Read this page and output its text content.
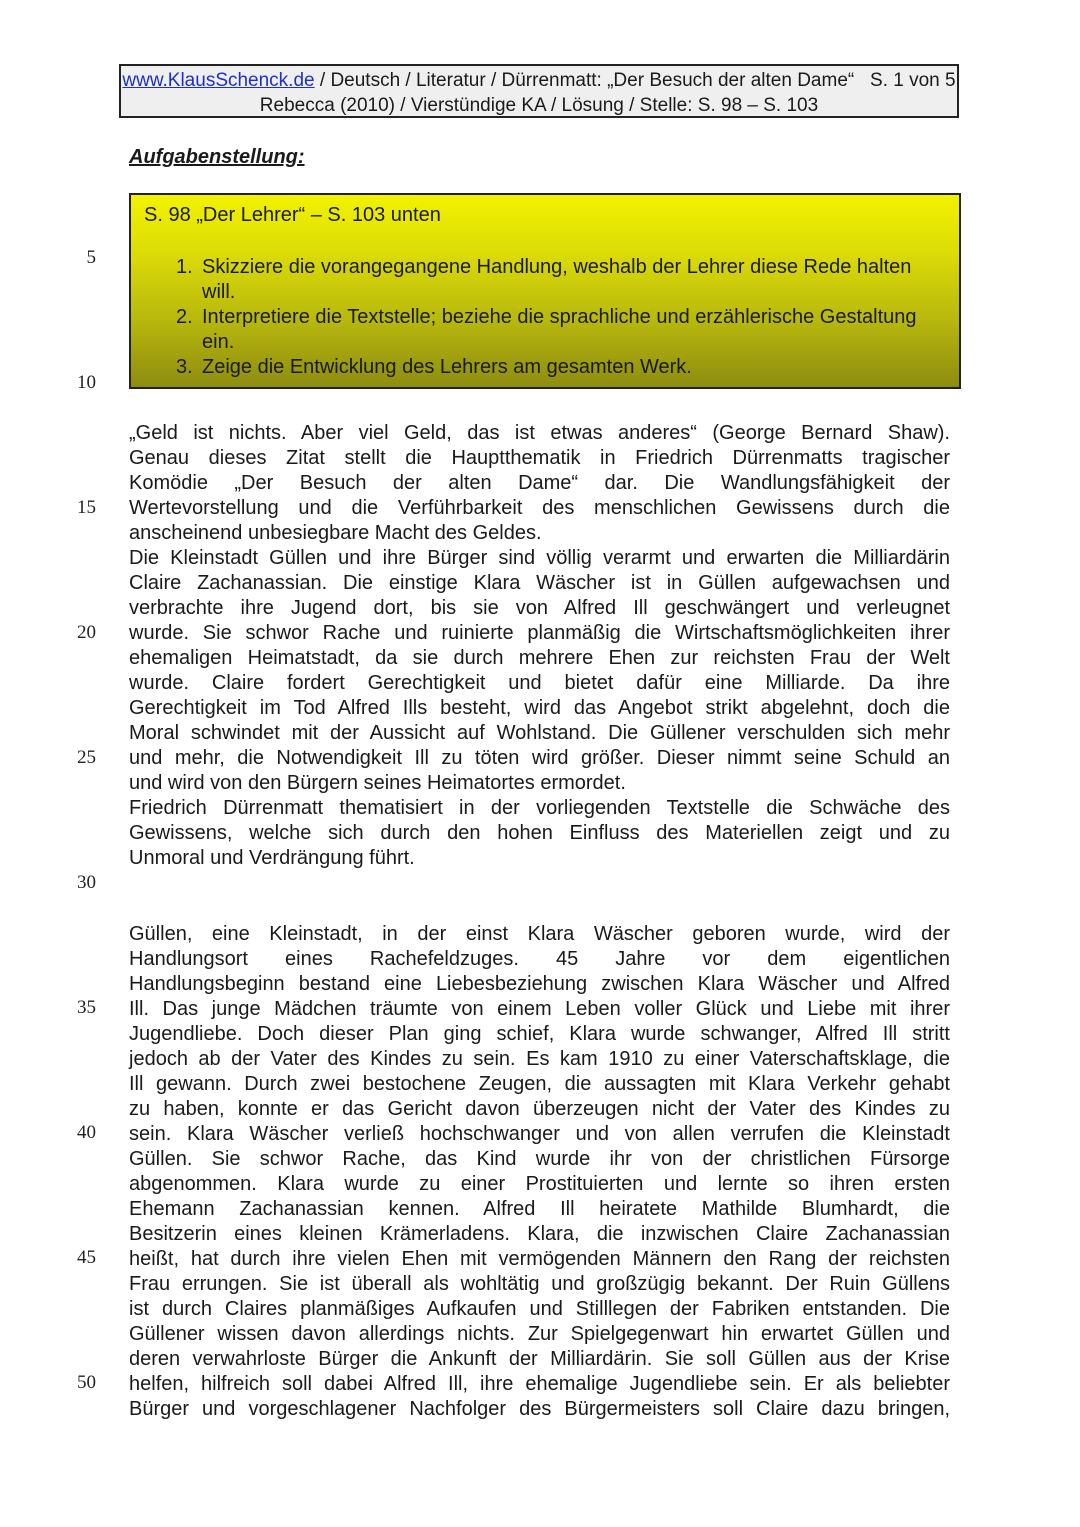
www.KlausSchenck.de / Deutsch / Literatur / Dürrenmatt: „Der Besuch der alten Dame“   S. 1 von 5
Rebecca (2010) / Vierstündige KA / Lösung / Stelle: S. 98 – S. 103
Aufgabenstellung:
S. 98 „Der Lehrer“ – S. 103 unten
1. Skizziere die vorangegangene Handlung, weshalb der Lehrer diese Rede halten will.
2. Interpretiere die Textstelle; beziehe die sprachliche und erzählerische Gestaltung ein.
3. Zeige die Entwicklung des Lehrers am gesamten Werk.
5
10
15
20
25
30
35
40
45
50
„Geld ist nichts. Aber viel Geld, das ist etwas anderes“ (George Bernard Shaw).
Genau dieses Zitat stellt die Hauptthematik in Friedrich Dürrenmatts tragischer
Komödie „Der Besuch der alten Dame“ dar. Die Wandlungsfähigkeit der
Wertevorstellung und die Verführbarkeit des menschlichen Gewissens durch die
anscheinend unbesiegbare Macht des Geldes.
Die Kleinstadt Güllen und ihre Bürger sind völlig verarmt und erwarten die Milliardärin
Claire Zachanassian. Die einstige Klara Wäscher ist in Güllen aufgewachsen und
verbrachte ihre Jugend dort, bis sie von Alfred Ill geschwängert und verleugnet
wurde. Sie schwor Rache und ruinierte planmäßig die Wirtschaftsmöglichkeiten ihrer
ehemaligen Heimatstadt, da sie durch mehrere Ehen zur reichsten Frau der Welt
wurde. Claire fordert Gerechtigkeit und bietet dafür eine Milliarde. Da ihre
Gerechtigkeit im Tod Alfred Ills besteht, wird das Angebot strikt abgelehnt, doch die
Moral schwindet mit der Aussicht auf Wohlstand. Die Güllener verschulden sich mehr
und mehr, die Notwendigkeit Ill zu töten wird größer. Dieser nimmt seine Schuld an
und wird von den Bürgern seines Heimatortes ermordet.
Friedrich Dürrenmatt thematisiert in der vorliegenden Textstelle die Schwäche des
Gewissens, welche sich durch den hohen Einfluss des Materiellen zeigt und zu
Unmoral und Verdrängung führt.
Güllen, eine Kleinstadt, in der einst Klara Wäscher geboren wurde, wird der
Handlungsort eines Rachefeldzuges. 45 Jahre vor dem eigentlichen
Handlungsbeginn bestand eine Liebesbeziehung zwischen Klara Wäscher und Alfred
Ill. Das junge Mädchen träumte von einem Leben voller Glück und Liebe mit ihrer
Jugendliebe. Doch dieser Plan ging schief, Klara wurde schwanger, Alfred Ill stritt
jedoch ab der Vater des Kindes zu sein. Es kam 1910 zu einer Vaterschaftsklage, die
Ill gewann. Durch zwei bestochene Zeugen, die aussagten mit Klara Verkehr gehabt
zu haben, konnte er das Gericht davon überzeugen nicht der Vater des Kindes zu
sein. Klara Wäscher verließ hochschwanger und von allen verrufen die Kleinstadt
Güllen. Sie schwor Rache, das Kind wurde ihr von der christlichen Fürsorge
abgenommen. Klara wurde zu einer Prostituierten und lernte so ihren ersten
Ehemann Zachanassian kennen. Alfred Ill heiratete Mathilde Blumhardt, die
Besitzerin eines kleinen Krämerladens. Klara, die inzwischen Claire Zachanassian
heißt, hat durch ihre vielen Ehen mit vermögenden Männern den Rang der reichsten
Frau errungen. Sie ist überall als wohltätig und großzügig bekannt. Der Ruin Güllens
ist durch Claires planmäßiges Aufkaufen und Stilllegen der Fabriken entstanden. Die
Güllener wissen davon allerdings nichts. Zur Spielgegenwart hin erwartet Güllen und
deren verwahrloste Bürger die Ankunft der Milliardärin. Sie soll Güllen aus der Krise
helfen, hilfreich soll dabei Alfred Ill, ihre ehemalige Jugendliebe sein. Er als beliebter
Bürger und vorgeschlagener Nachfolger des Bürgermeisters soll Claire dazu bringen,
